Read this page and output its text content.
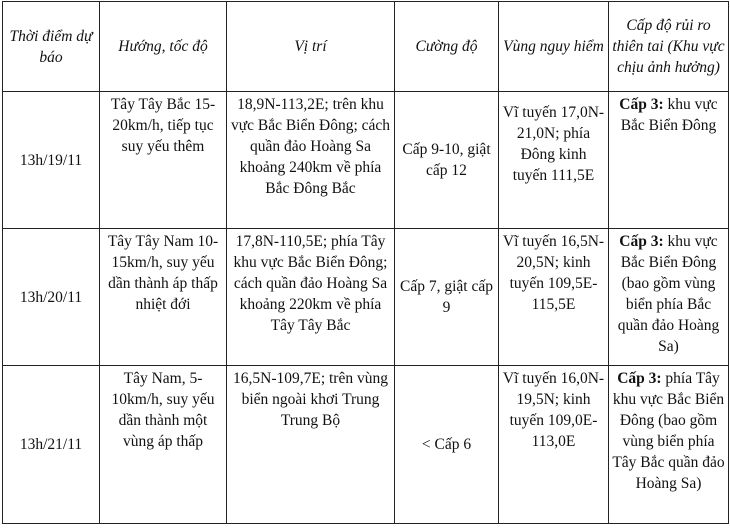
Thời điểm dự báo	Hướng, tốc độ	Vị trí	Cường độ	Vùng nguy hiểm	Cấp độ rủi ro thiên tai (Khu vực chịu ảnh hưởng)
13h/19/11	Tây Tây Bắc 15-20km/h, tiếp tục suy yếu thêm	18,9N-113,2E; trên khu vực Bắc Biển Đông; cách quần đảo Hoàng Sa khoảng 240km về phía Bắc Đông Bắc	Cấp 9-10, giật cấp 12	Vĩ tuyến 17,0N-21,0N; phía Đông kinh tuyến 111,5E	Cấp 3: khu vực Bắc Biển Đông
13h/20/11	Tây Tây Nam 10-15km/h, suy yếu dần thành áp thấp nhiệt đới	17,8N-110,5E; phía Tây khu vực Bắc Biển Đông; cách quần đảo Hoàng Sa khoảng 220km về phía Tây Tây Bắc	Cấp 7, giật cấp 9	Vĩ tuyến 16,5N-20,5N; kinh tuyến 109,5E-115,5E	Cấp 3: khu vực Bắc Biển Đông (bao gồm vùng biển phía Bắc quần đảo Hoàng Sa)
13h/21/11	Tây Nam, 5-10km/h, suy yếu dần thành một vùng áp thấp	16,5N-109,7E; trên vùng biển ngoài khơi Trung Trung Bộ	< Cấp 6	Vĩ tuyến 16,0N-19,5N; kinh tuyến 109,0E-113,0E	Cấp 3: phía Tây khu vực Bắc Biển Đông (bao gồm vùng biển phía Tây Bắc quần đảo Hoàng Sa)
